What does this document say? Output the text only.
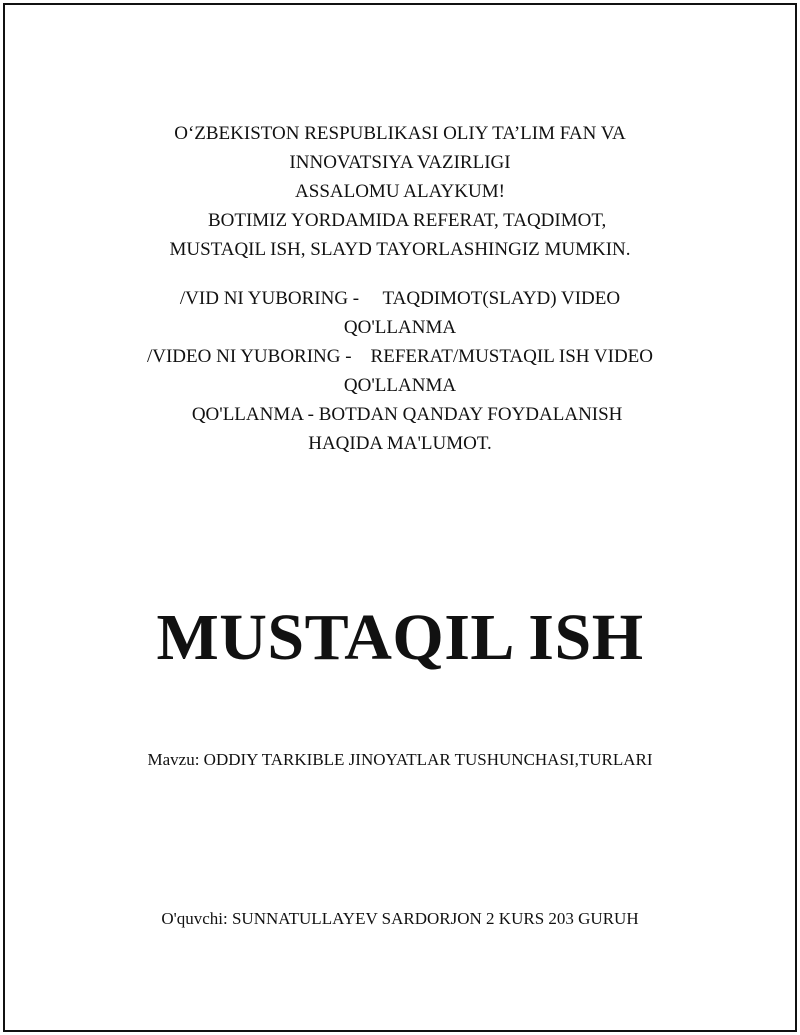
O‘ZBEKISTON RESPUBLIKASI OLIY TA’LIM FAN VA
INNOVATSIYA VAZIRLIGI
ASSALOMU ALAYKUM!
BOTIMIZ YORDAMIDA REFERAT, TAQDIMOT,
MUSTAQIL ISH, SLAYD TAYORLASHINGIZ MUMKIN.
/VID NI YUBORING -     TAQDIMOT(SLAYD) VIDEO
QO'LLANMA
/VIDEO NI YUBORING -    REFERAT/MUSTAQIL ISH VIDEO
QO'LLANMA
QO'LLANMA - BOTDAN QANDAY FOYDALANISH
HAQIDA MA'LUMOT.
MUSTAQIL ISH

Mavzu: ODDIY TARKIBLE JINOYATLAR TUSHUNCHASI,TURLARI

O'quvchi: SUNNATULLAYEV SARDORJON 2 KURS 203 GURUH
